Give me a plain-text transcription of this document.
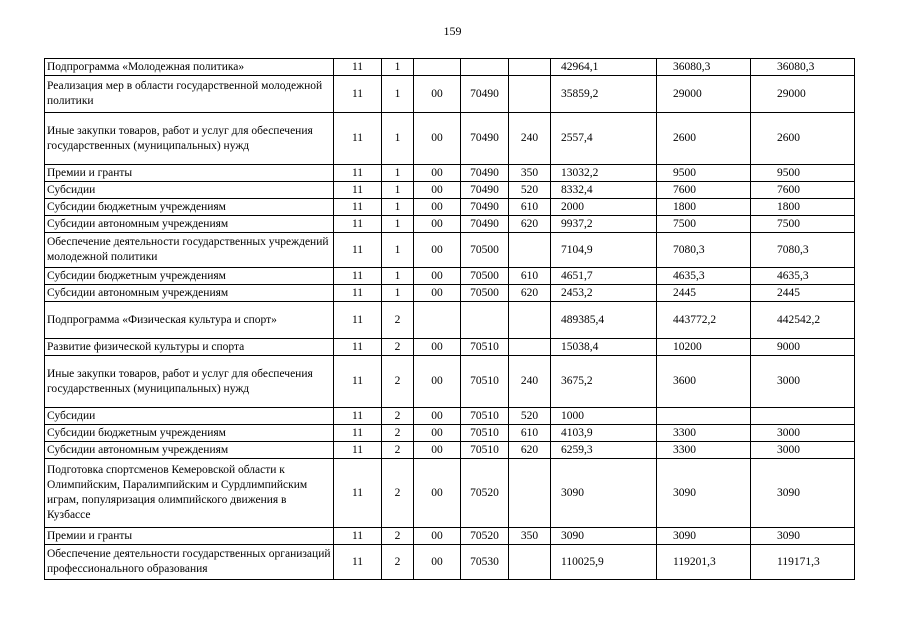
159
Подпрограмма «Молодежная политика»	11	1				42964,1	36080,3	36080,3
Реализация мер в области государственной молодежной политики	11	1	00	70490		35859,2	29000	29000
Иные закупки товаров, работ и услуг для обеспечения государственных (муниципальных) нужд	11	1	00	70490	240	2557,4	2600	2600
Премии и гранты	11	1	00	70490	350	13032,2	9500	9500
Субсидии	11	1	00	70490	520	8332,4	7600	7600
Субсидии бюджетным учреждениям	11	1	00	70490	610	2000	1800	1800
Субсидии автономным учреждениям	11	1	00	70490	620	9937,2	7500	7500
Обеспечение деятельности государственных учреждений молодежной политики	11	1	00	70500		7104,9	7080,3	7080,3
Субсидии бюджетным учреждениям	11	1	00	70500	610	4651,7	4635,3	4635,3
Субсидии автономным учреждениям	11	1	00	70500	620	2453,2	2445	2445
Подпрограмма «Физическая культура и спорт»	11	2				489385,4	443772,2	442542,2
Развитие физической культуры и спорта	11	2	00	70510		15038,4	10200	9000
Иные закупки товаров, работ и услуг для обеспечения государственных (муниципальных) нужд	11	2	00	70510	240	3675,2	3600	3000
Субсидии	11	2	00	70510	520	1000		
Субсидии бюджетным учреждениям	11	2	00	70510	610	4103,9	3300	3000
Субсидии автономным учреждениям	11	2	00	70510	620	6259,3	3300	3000
Подготовка спортсменов Кемеровской области к Олимпийским, Паралимпийским и Сурдлимпийским играм, популяризация олимпийского движения в Кузбассе	11	2	00	70520		3090	3090	3090
Премии и гранты	11	2	00	70520	350	3090	3090	3090
Обеспечение деятельности государственных организаций профессионального образования	11	2	00	70530		110025,9	119201,3	119171,3
